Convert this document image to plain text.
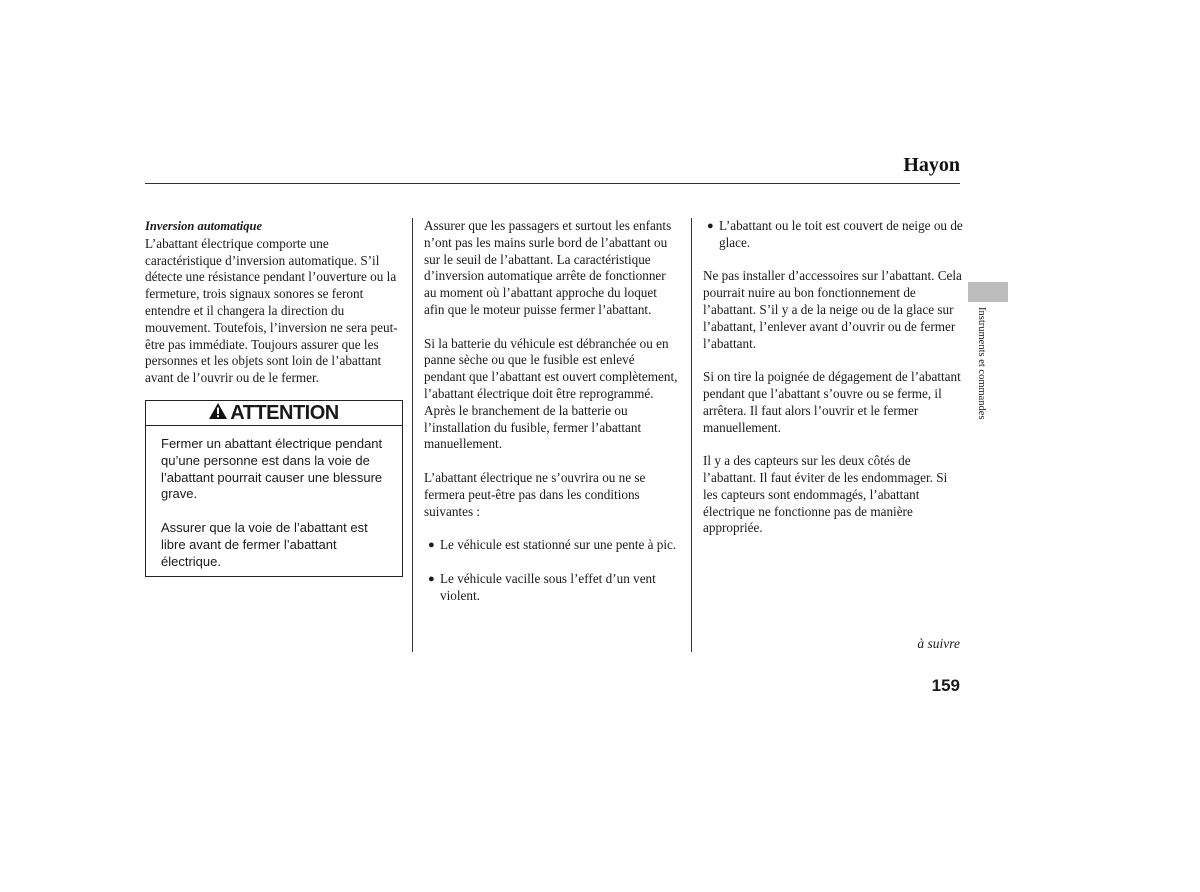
Hayon
Inversion automatique

L’abattant électrique comporte une caractéristique d’inversion automatique. S’il détecte une résistance pendant l’ouverture ou la fermeture, trois signaux sonores se feront entendre et il changera la direction du mouvement. Toutefois, l’inversion ne sera peut-être pas immédiate. Toujours assurer que les personnes et les objets sont loin de l’abattant avant de l’ouvrir ou de le fermer.

ATTENTION

Fermer un abattant électrique pendant qu’une personne est dans la voie de l’abattant pourrait causer une blessure grave.

Assurer que la voie de l’abattant est libre avant de fermer l’abattant électrique.

Assurer que les passagers et surtout les enfants n’ont pas les mains surle bord de l’abattant ou sur le seuil de l’abattant. La caractéristique d’inversion automatique arrête de fonctionner au moment où l’abattant approche du loquet afin que le moteur puisse fermer l’abattant.

Si la batterie du véhicule est débranchée ou en panne sèche ou que le fusible est enlevé pendant que l’abattant est ouvert complètement, l’abattant électrique doit être reprogrammé. Après le branchement de la batterie ou l’installation du fusible, fermer l’abattant manuellement.

L’abattant électrique ne s’ouvrira ou ne se fermera peut-être pas dans les conditions suivantes :

● Le véhicule est stationné sur une pente à pic.
● Le véhicule vacille sous l’effet d’un vent violent.
● L’abattant ou le toit est couvert de neige ou de glace.

Ne pas installer d’accessoires sur l’abattant. Cela pourrait nuire au bon fonctionnement de l’abattant. S’il y a de la neige ou de la glace sur l’abattant, l’enlever avant d’ouvrir ou de fermer l’abattant.

Si on tire la poignée de dégagement de l’abattant pendant que l’abattant s’ouvre ou se ferme, il arrêtera. Il faut alors l’ouvrir et le fermer manuellement.

Il y a des capteurs sur les deux côtés de l’abattant. Il faut éviter de les endommager. Si les capteurs sont endommagés, l’abattant électrique ne fonctionne pas de manière appropriée.

Instruments et commandes
à suivre
159
